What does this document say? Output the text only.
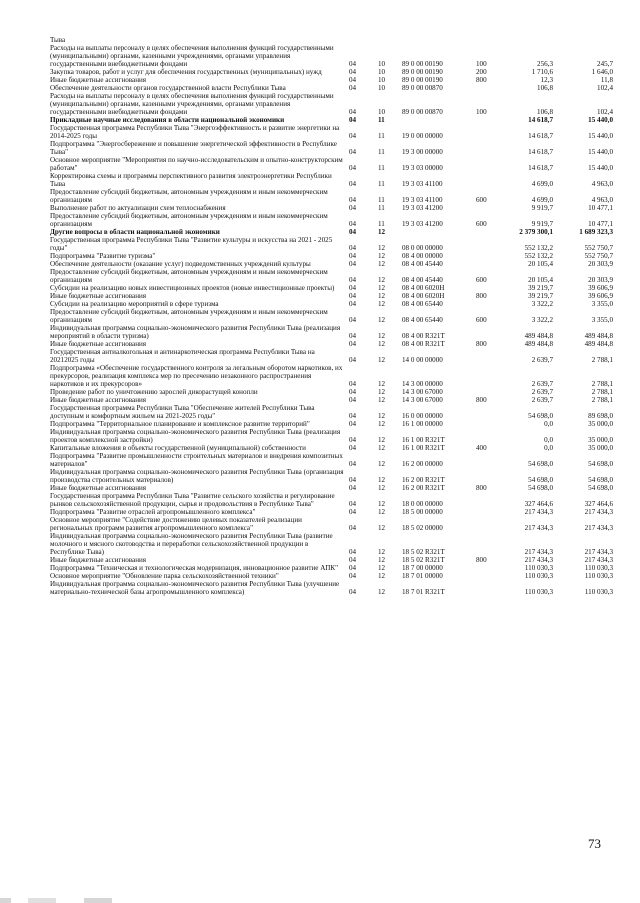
Тыва						
Расходы на выплаты персоналу в целях обеспечения выполнения функций государственными (муниципальными) органами, казенными учреждениями, органами управления государственными внебюджетными фондами	04	10	89 0 00 00190	100	256,3	245,7
Закупка товаров, работ и услуг для обеспечения государственных (муниципальных) нужд	04	10	89 0 00 00190	200	1 710,6	1 646,0
Иные бюджетные ассигнования	04	10	89 0 00 00190	800	12,3	11,8
Обеспечение деятельности органов государственной власти Республики Тыва	04	10	89 0 00 00870		106,8	102,4
Расходы на выплаты персоналу в целях обеспечения выполнения функций государственными (муниципальными) органами, казенными учреждениями, органами управления государственными внебюджетными фондами	04	10	89 0 00 00870	100	106,8	102,4
Прикладные научные исследования в области национальной экономики	04	11			14 618,7	15 440,0
Государственная программа Республики Тыва "Энергоэффективность и развитие энергетики на 2014-2025 годы	04	11	19 0 00 00000		14 618,7	15 440,0
Подпрограмма "Энергосбережение и повышение энергетической эффективности в Республике Тыва"	04	11	19 3 00 00000		14 618,7	15 440,0
Основное мероприятие "Мероприятия по научно-исследовательским и опытно-конструкторским работам"	04	11	19 3 03 00000		14 618,7	15 440,0
Корректировка схемы и программы перспективного развития электроэнергетики Республики Тыва	04	11	19 3 03 41100		4 699,0	4 963,0
Предоставление субсидий бюджетным, автономным учреждениям и иным некоммерческим организациям	04	11	19 3 03 41100	600	4 699,0	4 963,0
Выполнение работ по актуализации схем теплоснабжения	04	11	19 3 03 41200		9 919,7	10 477,1
Предоставление субсидий бюджетным, автономным учреждениям и иным некоммерческим организациям	04	11	19 3 03 41200	600	9 919,7	10 477,1
Другие вопросы в области национальной экономики	04	12			2 379 300,1	1 689 323,3
Государственная программа Республики Тыва "Развитие культуры и искусства на 2021 - 2025 годы"	04	12	08 0 00 00000		552 132,2	552 750,7
Подпрограмма "Развитие туризма"	04	12	08 4 00 00000		552 132,2	552 750,7
Обеспечение деятельности (оказание услуг) подведомственных учреждений культуры	04	12	08 4 00 45440		20 105,4	20 303,9
Предоставление субсидий бюджетным, автономным учреждениям и иным некоммерческим организациям	04	12	08 4 00 45440	600	20 105,4	20 303,9
Субсидии на реализацию новых инвестиционных проектов (новые инвестиционные проекты)	04	12	08 4 00 6020Н		39 219,7	39 606,9
Иные бюджетные ассигнования	04	12	08 4 00 6020Н	800	39 219,7	39 606,9
Субсидии на реализацию мероприятий в сфере туризма	04	12	08 4 00 65440		3 322,2	3 355,0
Предоставление субсидий бюджетным, автономным учреждениям и иным некоммерческим организациям	04	12	08 4 00 65440	600	3 322,2	3 355,0
Индивидуальная программа социально-экономического развития Республики Тыва (реализация мероприятий в области туризма)	04	12	08 4 00 R321T		489 484,8	489 484,8
Иные бюджетные ассигнования	04	12	08 4 00 R321T	800	489 484,8	489 484,8
Государственная антиалкогольная и антинаркотическая программа Республики Тыва на 20212025 годы	04	12	14 0 00 00000		2 639,7	2 788,1
Подпрограмма «Обеспечение государственного контроля за легальным оборотом наркотиков, их прекурсоров, реализация комплекса мер по пресечению незаконного распространения наркотиков и их прекурсоров»	04	12	14 3 00 00000		2 639,7	2 788,1
Проведение работ по уничтожению зарослей дикорастущей конопли	04	12	14 3 00 67000		2 639,7	2 788,1
Иные бюджетные ассигнования	04	12	14 3 00 67000	800	2 639,7	2 788,1
Государственная программа Республики Тыва "Обеспечение жителей Республики Тыва доступным и комфортным жильем на 2021-2025 годы"	04	12	16 0 00 00000		54 698,0	89 698,0
Подпрограмма "Территориальное планирование и комплексное развитие территорий"	04	12	16 1 00 00000		0,0	35 000,0
Индивидуальная программа социально-экономического развития Республики Тыва (реализация проектов комплексной застройки)	04	12	16 1 00 R321T		0,0	35 000,0
Капитальные вложения в объекты государственной (муниципальной) собственности	04	12	16 1 00 R321T	400	0,0	35 000,0
Подпрограмма "Развитие промышленности строительных материалов и внедрения композитных материалов"	04	12	16 2 00 00000		54 698,0	54 698,0
Индивидуальная программа социально-экономического развития Республики Тыва (организация производства строительных материалов)	04	12	16 2 00 R321T		54 698,0	54 698,0
Иные бюджетные ассигнования	04	12	16 2 00 R321T	800	54 698,0	54 698,0
Государственная программа Республики Тыва "Развитие сельского хозяйства и регулирование рынков сельскохозяйственной продукции, сырья и продовольствия в Республике Тыва"	04	12	18 0 00 00000		327 464,6	327 464,6
Подпрограмма "Развитие отраслей агропромышленного комплекса"	04	12	18 5 00 00000		217 434,3	217 434,3
Основное мероприятие "Содействие достижению целевых показателей реализации региональных программ развития агропромышленного комплекса"	04	12	18 5 02 00000		217 434,3	217 434,3
Индивидуальная программа социально-экономического развития Республики Тыва (развитие молочного и мясного скотоводства и переработки сельскохозяйственной продукции в Республике Тыва)	04	12	18 5 02 R321T		217 434,3	217 434,3
Иные бюджетные ассигнования	04	12	18 5 02 R321T	800	217 434,3	217 434,3
Подпрограмма "Техническая и технологическая модернизация, инновационное развитие АПК"	04	12	18 7 00 00000		110 030,3	110 030,3
Основное мероприятие "Обновление парка сельскохозяйственной техники"	04	12	18 7 01 00000		110 030,3	110 030,3
Индивидуальная программа социально-экономического развития Республики Тыва (улучшение материально-технической базы агропромышленного комплекса)	04	12	18 7 01 R321T		110 030,3	110 030,3
73
